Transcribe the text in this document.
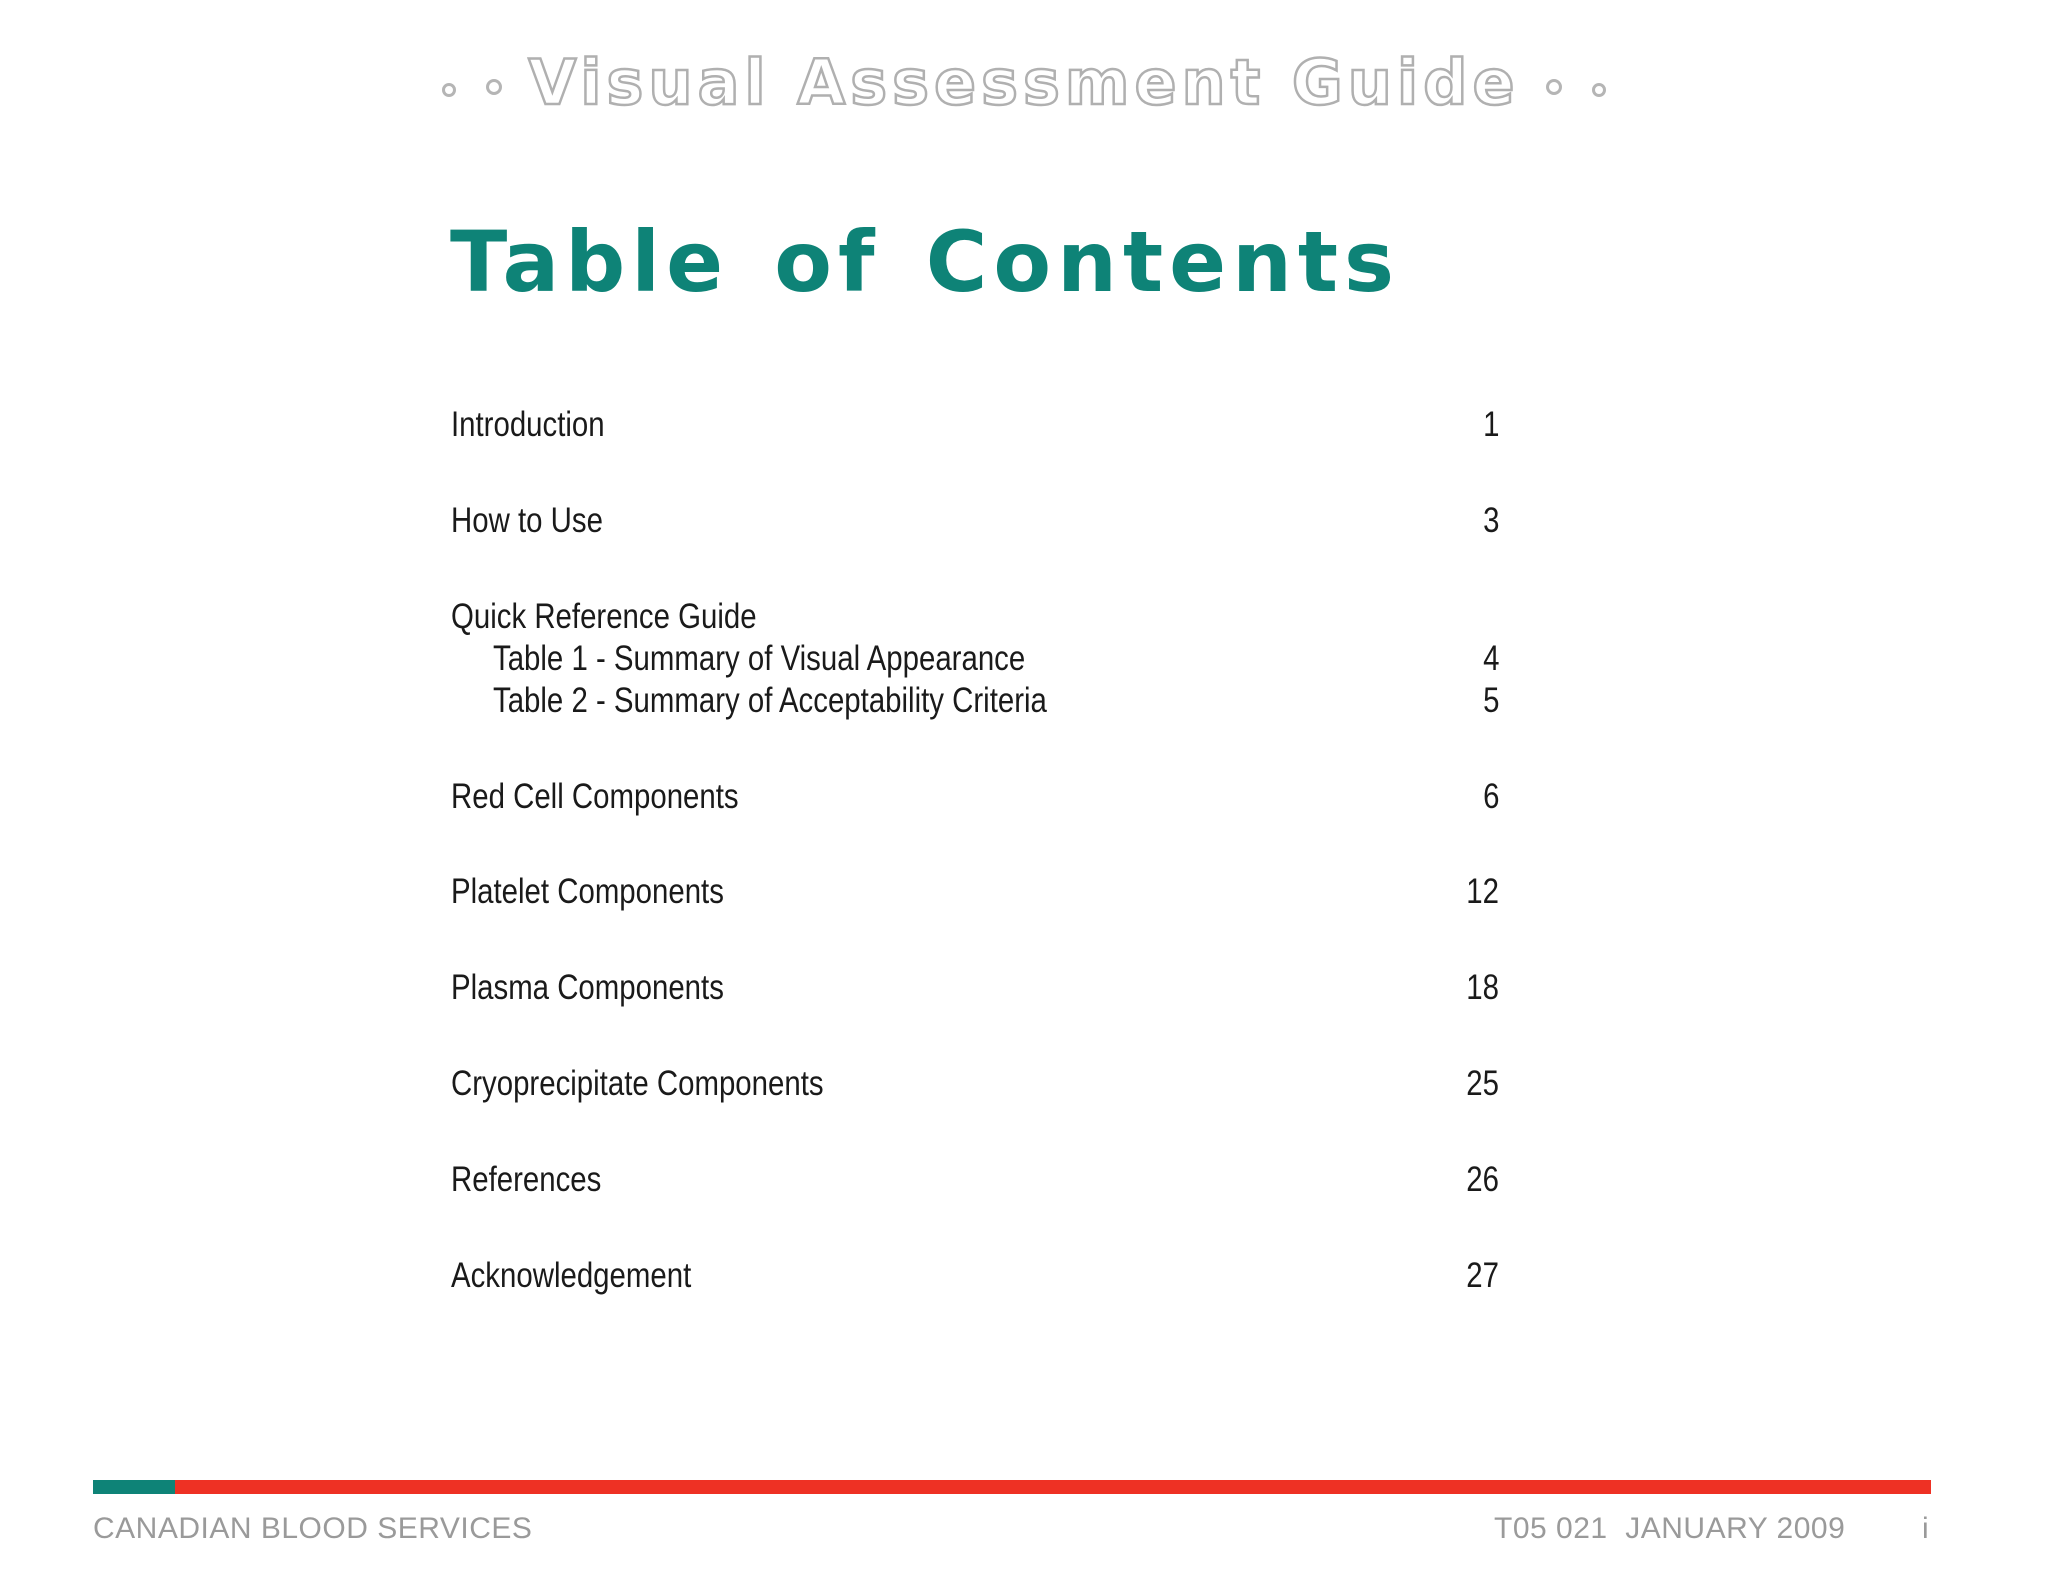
Visual Assessment Guide
Table of Contents
Introduction	1
How to Use	3
Quick Reference Guide
Table 1 - Summary of Visual Appearance	4
Table 2 - Summary of Acceptability Criteria	5
Red Cell Components	6
Platelet Components	12
Plasma Components	18
Cryoprecipitate Components	25
References	26
Acknowledgement	27
CANADIAN BLOOD SERVICES	T05 021  JANUARY 2009	i
